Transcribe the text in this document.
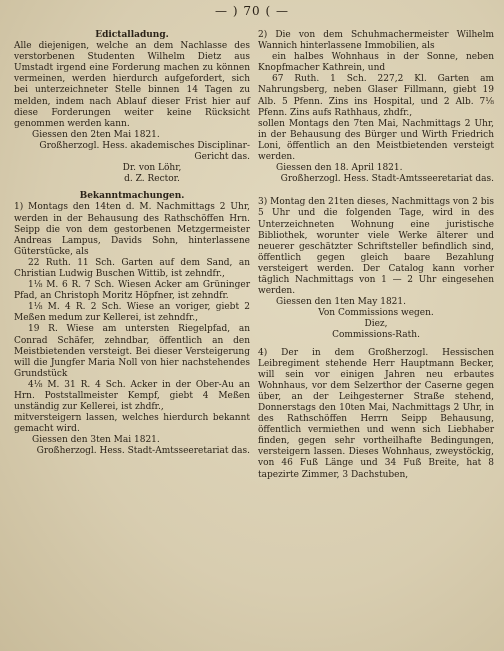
— ) 70 ( —

Edictalladung.

Alle diejenigen, welche an dem Nachlasse des verstorbenen Studenten Wilhelm Dietz aus Umstadt irgend eine Forderung machen zu können vermeinen, werden hierdurch aufgefordert, sich bei unterzeichneter Stelle binnen 14 Tagen zu melden, indem nach Ablauf dieser Frist hier auf diese Forderungen weiter keine Rücksicht genommen werden kann.

Giessen den 2ten Mai 1821.

Großherzogl. Hess. akademisches Disciplinar-Gericht das.

Dr. von Löhr,

d. Z. Rector.

Bekanntmachungen.

1) Montags den 14ten d. M. Nachmittags 2 Uhr, werden in der Behausung des Rathschöffen Hrn. Seipp die von dem gestorbenen Metzgermeister Andreas Lampus, Davids Sohn, hinterlassene Güterstücke, als

22 Ruth. 11 Sch. Garten auf dem Sand, an Christian Ludwig Buschen Wittib, ist zehndfr.,

1⅛ M. 6 R. 7 Sch. Wiesen Acker am Grüninger Pfad, an Christoph Moritz Höpfner, ist zehndfr.

1⅛ M. 4 R. 2 Sch. Wiese an voriger, giebt 2 Meßen medum zur Kellerei, ist zehndfr.,

19 R. Wiese am untersten Riegelpfad, an Conrad Schäfer, zehndbar, öffentlich an den Meistbietenden versteigt. Bei dieser Versteigerung will die Jungfer Maria Noll von hier nachstehendes Grundstück

4⅛ M. 31 R. 4 Sch. Acker in der Ober-Au an Hrn. Poststallmeister Kempf, giebt 4 Meßen unständig zur Kellerei, ist zhdfr.,

mitversteigern lassen, welches hierdurch bekannt gemacht wird.

Giessen den 3ten Mai 1821.

Großherzogl. Hess. Stadt-Amtsseeretariat das.

2) Die von dem Schuhmachermeister Wilhelm Wannich hinterlassene Immobilien, als

ein halbes Wohnhaus in der Sonne, neben Knopfmacher Kathrein, und

67 Ruth. 1 Sch. 227,2 Kl. Garten am Nahrungsberg, neben Glaser Fillmann, giebt 19 Alb. 5 Pfenn. Zins ins Hospital, und 2 Alb. 7⅛ Pfenn. Zins aufs Rathhaus, zhdfr.,

sollen Montags den 7ten Mai, Nachmittags 2 Uhr, in der Behausung des Bürger und Wirth Friedrich Loni, öffentlich an den Meistbietenden versteigt werden.

Giessen den 18. April 1821.

Großherzogl. Hess. Stadt-Amtsseeretariat das.

3) Montag den 21ten dieses, Nachmittags von 2 bis 5 Uhr und die folgenden Tage, wird in des Unterzeichneten Wohnung eine juristische Bibliothek, worunter viele Werke älterer und neuerer geschätzter Schriftsteller befindlich sind, öffentlich gegen gleich baare Bezahlung versteigert werden. Der Catalog kann vorher täglich Nachmittags von 1 — 2 Uhr eingesehen werden.

Giessen den 1ten May 1821.

Von Commissions wegen.

Diez,

Commissions-Rath.

4) Der in dem Großherzogl. Hessischen Leibregiment stehende Herr Hauptmann Becker, will sein vor einigen Jahren neu erbautes Wohnhaus, vor dem Selzerthor der Caserne gegen über, an der Leihgesterner Straße stehend, Donnerstags den 10ten Mai, Nachmittags 2 Uhr, in des Rathschöffen Herrn Seipp Behausung, öffentlich vermiethen und wenn sich Liebhaber finden, gegen sehr vortheilhafte Bedingungen, versteigern lassen. Dieses Wohnhaus, zweystöckig, von 46 Fuß Länge und 34 Fuß Breite, hat 8 tapezirte Zimmer, 3 Dachstuben,
